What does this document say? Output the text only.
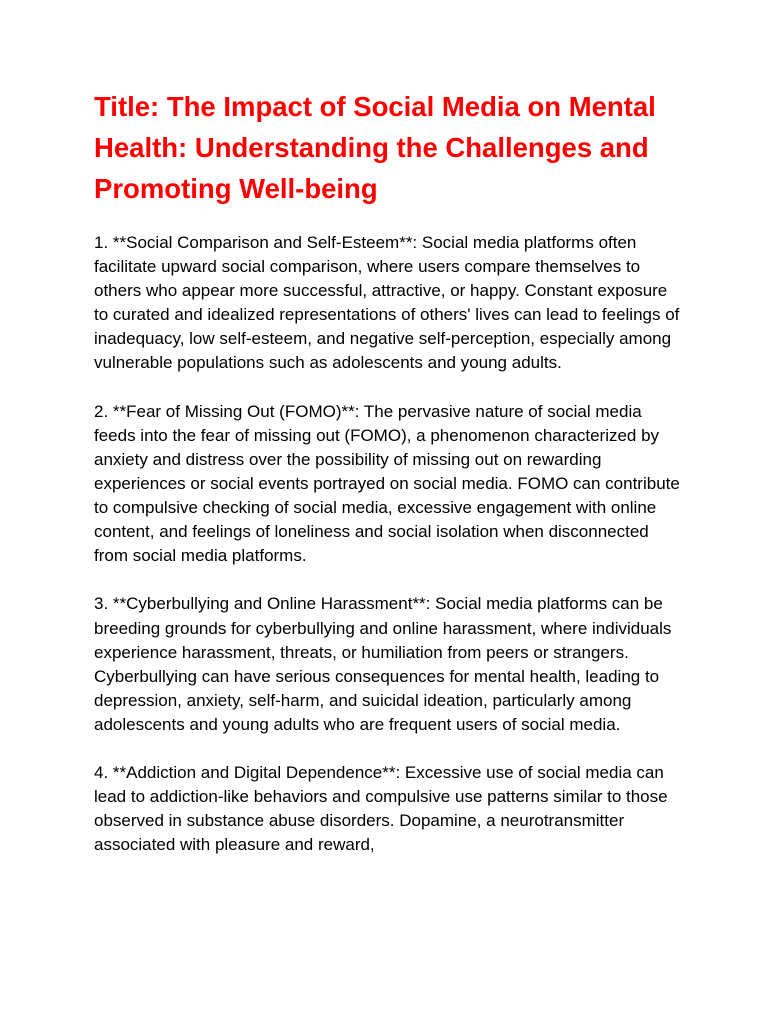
Title: The Impact of Social Media on Mental Health: Understanding the Challenges and Promoting Well-being

1. **Social Comparison and Self-Esteem**: Social media platforms often facilitate upward social comparison, where users compare themselves to others who appear more successful, attractive, or happy. Constant exposure to curated and idealized representations of others' lives can lead to feelings of inadequacy, low self-esteem, and negative self-perception, especially among vulnerable populations such as adolescents and young adults.

2. **Fear of Missing Out (FOMO)**: The pervasive nature of social media feeds into the fear of missing out (FOMO), a phenomenon characterized by anxiety and distress over the possibility of missing out on rewarding experiences or social events portrayed on social media. FOMO can contribute to compulsive checking of social media, excessive engagement with online content, and feelings of loneliness and social isolation when disconnected from social media platforms.

3. **Cyberbullying and Online Harassment**: Social media platforms can be breeding grounds for cyberbullying and online harassment, where individuals experience harassment, threats, or humiliation from peers or strangers. Cyberbullying can have serious consequences for mental health, leading to depression, anxiety, self-harm, and suicidal ideation, particularly among adolescents and young adults who are frequent users of social media.

4. **Addiction and Digital Dependence**: Excessive use of social media can lead to addiction-like behaviors and compulsive use patterns similar to those observed in substance abuse disorders. Dopamine, a neurotransmitter associated with pleasure and reward,
